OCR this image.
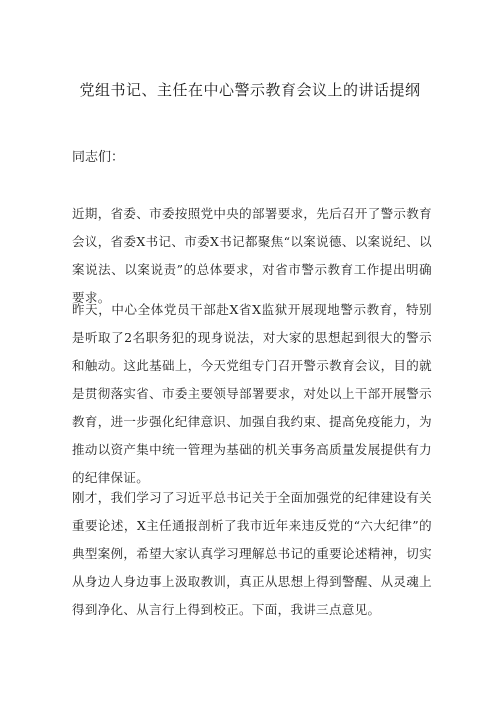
党组书记、主任在中心警示教育会议上的讲话提纲
同志们：

近期，省委、市委按照党中央的部署要求，先后召开了警示教育会议，省委X书记、市委X书记都聚焦“以案说德、以案说纪、以案说法、以案说责”的总体要求，对省市警示教育工作提出明确要求。

昨天，中心全体党员干部赴X省X监狱开展现地警示教育，特别是听取了2名职务犯的现身说法，对大家的思想起到很大的警示和触动。这此基础上，今天党组专门召开警示教育会议，目的就是贯彻落实省、市委主要领导部署要求，对处以上干部开展警示教育，进一步强化纪律意识、加强自我约束、提高免疫能力，为推动以资产集中统一管理为基础的机关事务高质量发展提供有力的纪律保证。

刚才，我们学习了习近平总书记关于全面加强党的纪律建设有关重要论述，X主任通报剖析了我市近年来违反党的“六大纪律”的典型案例，希望大家认真学习理解总书记的重要论述精神，切实从身边人身边事上汲取教训，真正从思想上得到警醒、从灵魂上得到净化、从言行上得到校正。下面，我讲三点意见。
